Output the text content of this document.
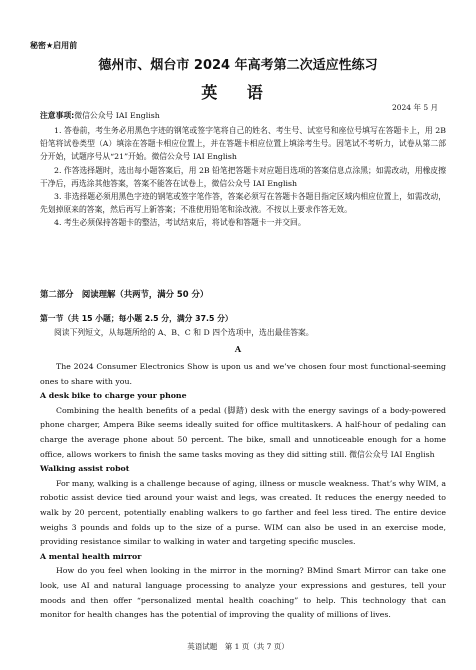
秘密★启用前
德州市、烟台市 2024 年高考第二次适应性练习
英 语
2024 年 5 月
注意事项:微信公众号 IAI English

1. 答卷前，考生务必用黑色字迹的钢笔或签字笔将自己的姓名、考生号、试室号和座位号填写在答题卡上，用 2B 铅笔将试卷类型（A）填涂在答题卡相应位置上，并在答题卡相应位置上填涂考生号。因笔试不考听力，试卷从第二部分开始，试题序号从“21”开始。微信公众号 IAI English

2. 作答选择题时，选出每小题答案后，用 2B 铅笔把答题卡对应题目选项的答案信息点涂黑；如需改动，用橡皮擦干净后，再选涂其他答案，答案不能答在试卷上，微信公众号 IAI English

3. 非选择题必须用黑色字迹的钢笔或签字笔作答，答案必须写在答题卡各题目指定区域内相应位置上，如需改动，先划掉原来的答案，然后再写上新答案；不准使用铅笔和涂改液。不按以上要求作答无效。

4. 考生必须保持答题卡的整洁，考试结束后，将试卷和答题卡一并交回。

第二部分　阅读理解（共两节，满分 50 分）
第一节（共 15 小题；每小题 2.5 分，满分 37.5 分）
阅读下列短文，从每题所给的 A、B、C 和 D 四个选项中，选出最佳答案。
A

The 2024 Consumer Electronics Show is upon us and we’ve chosen four most functional-seeming ones to share with you.

A desk bike to charge your phone

Combining the health benefits of a pedal (脚踏) desk with the energy savings of a body-powered phone charger, Ampera Bike seems ideally suited for office multitaskers. A half-hour of pedaling can charge the average phone about 50 percent. The bike, small and unnoticeable enough for a home office, allows workers to finish the same tasks moving as they did sitting still. 微信公众号 IAI English

Walking assist robot

For many, walking is a challenge because of aging, illness or muscle weakness. That’s why WIM, a robotic assist device tied around your waist and legs, was created. It reduces the energy needed to walk by 20 percent, potentially enabling walkers to go farther and feel less tired. The entire device weighs 3 pounds and folds up to the size of a purse. WIM can also be used in an exercise mode, providing resistance similar to walking in water and targeting specific muscles.

A mental health mirror

How do you feel when looking in the mirror in the morning? BMind Smart Mirror can take one look, use AI and natural language processing to analyze your expressions and gestures, tell your moods and then offer “personalized mental health coaching” to help. This technology that can monitor for health changes has the potential of improving the quality of millions of lives.

英语试题　第 1 页（共 7 页）
